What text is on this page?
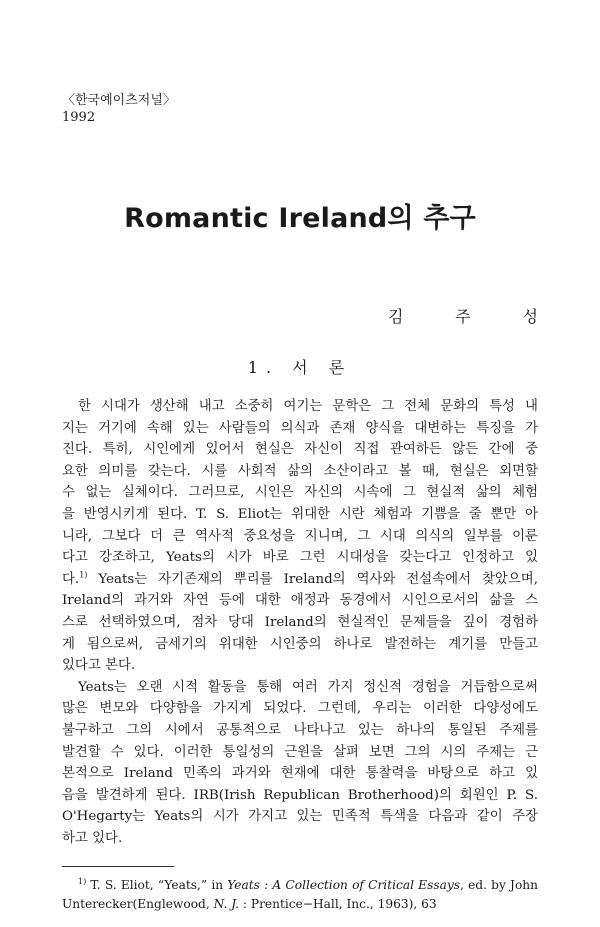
〈한국예이츠저널〉
1992
Romantic Ireland의 추구
김	주	성
1. 서 론
한 시대가 생산해 내고 소중히 여기는 문학은 그 전체 문화의 특성 내
지는 거기에 속해 있는 사람들의 의식과 존재 양식을 대변하는 특징을 가
진다. 특히, 시인에게 있어서 현실은 자신이 직접 관여하든 않든 간에 중
요한 의미를 갖는다. 시를 사회적 삶의 소산이라고 볼 때, 현실은 외면할
수 없는 실체이다. 그러므로, 시인은 자신의 시속에 그 현실적 삶의 체험
을 반영시키게 된다. T. S. Eliot는 위대한 시란 체험과 기쁨을 줄 뿐만 아
니라, 그보다 더 큰 역사적 중요성을 지니며, 그 시대 의식의 일부를 이룬
다고 강조하고, Yeats의 시가 바로 그런 시대성을 갖는다고 인정하고 있
다.$^{1)}$ Yeats는 자기존재의 뿌리를 Ireland의 역사와 전설속에서 찾았으며,
Ireland의 과거와 자연 등에 대한 애정과 동경에서 시인으로서의 삶을 스
스로 선택하였으며, 점차 당대 Ireland의 현실적인 문제들을 깊이 경험하
게 됨으로써, 금세기의 위대한 시인중의 하나로 발전하는 계기를 만들고
있다고 본다.
Yeats는 오랜 시적 활동을 통해 여러 가지 정신적 경험을 거듭함으로써
많은 변모와 다양함을 가지게 되었다. 그런데, 우리는 이러한 다양성에도
불구하고 그의 시에서 공통적으로 나타나고 있는 하나의 통일된 주제를
발견할 수 있다. 이러한 통일성의 근원을 살펴 보면 그의 시의 주제는 근
본적으로 Ireland 민족의 과거와 현재에 대한 통찰력을 바탕으로 하고 있
음을 발견하게 된다. IRB(Irish Republican Brotherhood)의 회원인 P. S.
O'Hegarty는 Yeats의 시가 가지고 있는 민족적 특색을 다음과 같이 주장
하고 있다.
$^{1)}$ T. S. Eliot, “Yeats,” in Yeats : A Collection of Critical Essays, ed. by John
Unterecker(Englewood, N. J. : Prentice−Hall, Inc., 1963), 63
